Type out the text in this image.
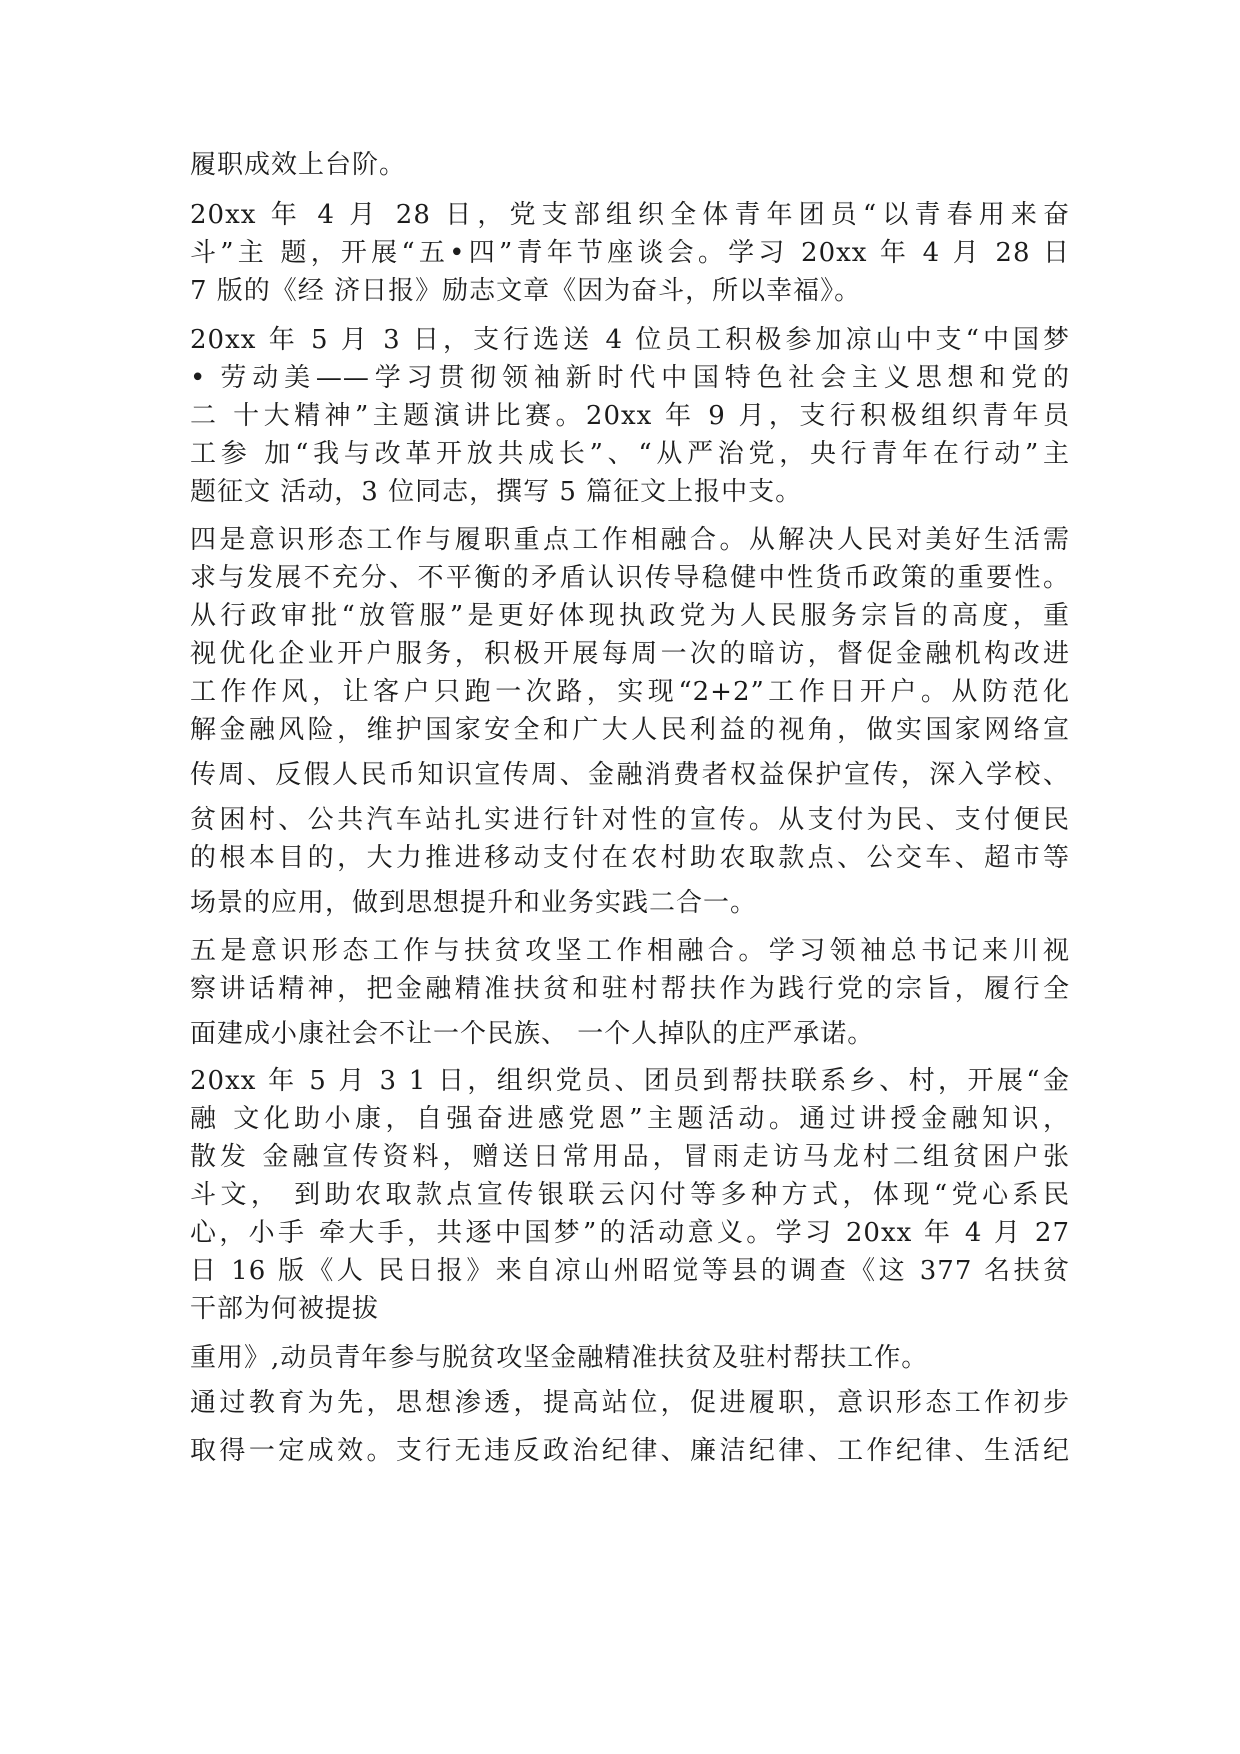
履职成效上台阶。

20xx 年 4 月 28 日，党支部组织全体青年团员“以青春用来奋

斗”主 题，开展“五•四”青年节座谈会。学习 20xx 年 4 月 28 日

7 版的《经 济日报》励志文章《因为奋斗，所以幸福》。

20xx 年 5 月 3 日，支行选送 4 位员工积极参加凉山中支“中国梦

• 劳动美——学习贯彻领袖新时代中国特色社会主义思想和党的

二 十大精神”主题演讲比赛。20xx 年 9 月，支行积极组织青年员

工参 加“我与改革开放共成长”、“从严治党，央行青年在行动”主

题征文 活动，3 位同志，撰写 5 篇征文上报中支。

四是意识形态工作与履职重点工作相融合。从解决人民对美好生活需

求与发展不充分、不平衡的矛盾认识传导稳健中性货币政策的重要性。

从行政审批“放管服”是更好体现执政党为人民服务宗旨的高度，重

视优化企业开户服务，积极开展每周一次的暗访，督促金融机构改进

工作作风，让客户只跑一次路，实现“2+2”工作日开户。从防范化

解金融风险，维护国家安全和广大人民利益的视角，做实国家网络宣

传周、反假人民币知识宣传周、金融消费者权益保护宣传，深入学校、

贫困村、公共汽车站扎实进行针对性的宣传。从支付为民、支付便民

的根本目的，大力推进移动支付在农村助农取款点、公交车、超市等

场景的应用，做到思想提升和业务实践二合一。

五是意识形态工作与扶贫攻坚工作相融合。学习领袖总书记来川视

察讲话精神，把金融精准扶贫和驻村帮扶作为践行党的宗旨，履行全

面建成小康社会不让一个民族、 一个人掉队的庄严承诺。

20xx 年 5 月 3 1 日，组织党员、团员到帮扶联系乡、村，开展“金

融 文化助小康，自强奋进感党恩”主题活动。通过讲授金融知识，

散发 金融宣传资料，赠送日常用品，冒雨走访马龙村二组贫困户张

斗文， 到助农取款点宣传银联云闪付等多种方式，体现“党心系民

心，小手 牵大手，共逐中国梦”的活动意义。学习 20xx 年 4 月 27

日 16 版《人 民日报》来自凉山州昭觉等县的调查《这 377 名扶贫

干部为何被提拔

重用》,动员青年参与脱贫攻坚金融精准扶贫及驻村帮扶工作。

通过教育为先，思想渗透，提高站位，促进履职，意识形态工作初步

取得一定成效。支行无违反政治纪律、廉洁纪律、工作纪律、生活纪
